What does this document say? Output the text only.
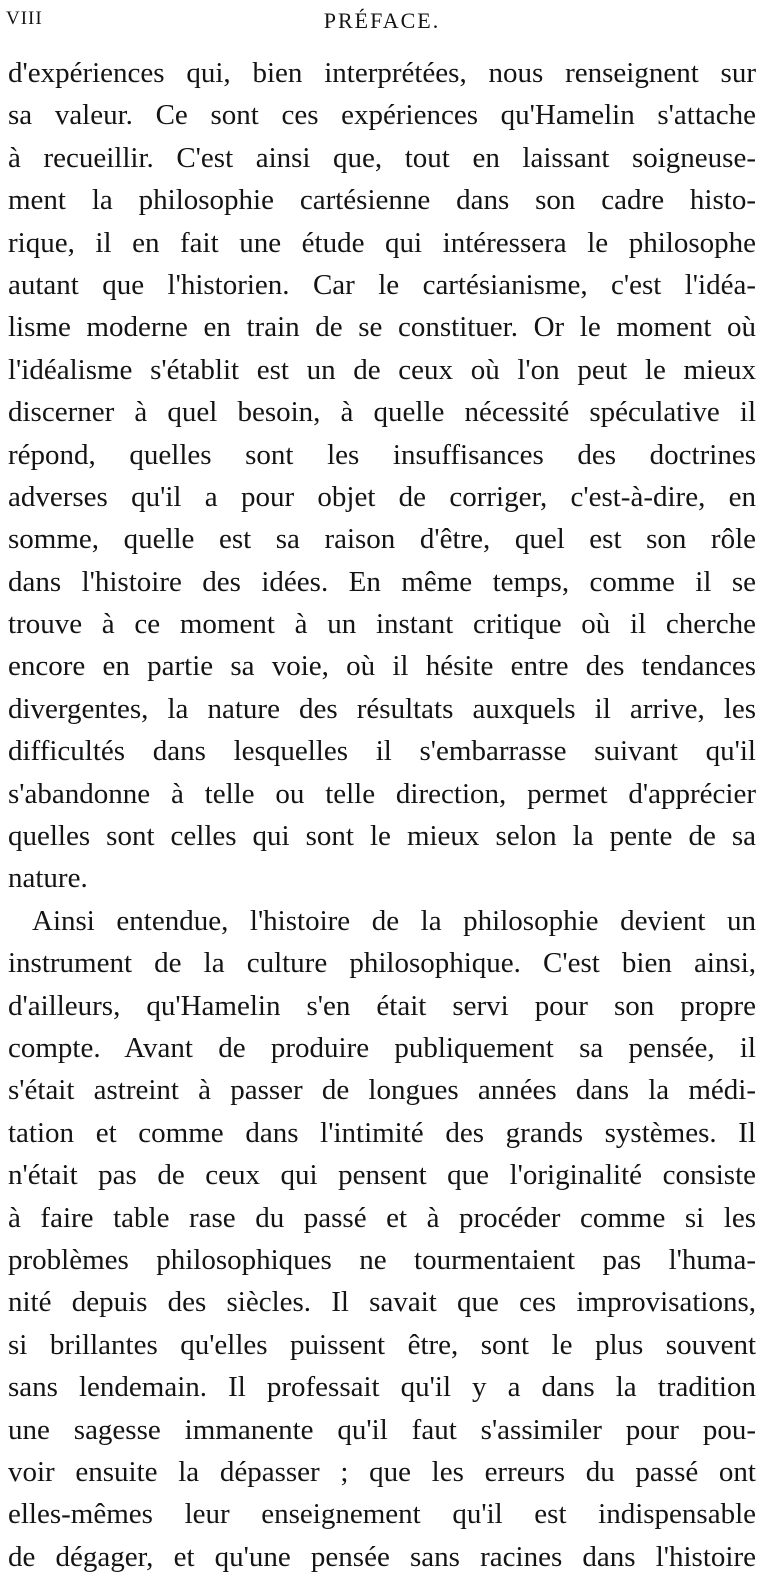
VIII	PRÉFACE.
d'expériences qui, bien interprétées, nous renseignent sur
sa valeur. Ce sont ces expériences qu'Hamelin s'attache
à recueillir. C'est ainsi que, tout en laissant soigneuse-
ment la philosophie cartésienne dans son cadre histo-
rique, il en fait une étude qui intéressera le philosophe
autant que l'historien. Car le cartésianisme, c'est l'idéa-
lisme moderne en train de se constituer. Or le moment où
l'idéalisme s'établit est un de ceux où l'on peut le mieux
discerner à quel besoin, à quelle nécessité spéculative il
répond, quelles sont les insuffisances des doctrines
adverses qu'il a pour objet de corriger, c'est-à-dire, en
somme, quelle est sa raison d'être, quel est son rôle
dans l'histoire des idées. En même temps, comme il se
trouve à ce moment à un instant critique où il cherche
encore en partie sa voie, où il hésite entre des tendances
divergentes, la nature des résultats auxquels il arrive, les
difficultés dans lesquelles il s'embarrasse suivant qu'il
s'abandonne à telle ou telle direction, permet d'apprécier
quelles sont celles qui sont le mieux selon la pente de sa
nature.
Ainsi entendue, l'histoire de la philosophie devient un
instrument de la culture philosophique. C'est bien ainsi,
d'ailleurs, qu'Hamelin s'en était servi pour son propre
compte. Avant de produire publiquement sa pensée, il
s'était astreint à passer de longues années dans la médi-
tation et comme dans l'intimité des grands systèmes. Il
n'était pas de ceux qui pensent que l'originalité consiste
à faire table rase du passé et à procéder comme si les
problèmes philosophiques ne tourmentaient pas l'huma-
nité depuis des siècles. Il savait que ces improvisations,
si brillantes qu'elles puissent être, sont le plus souvent
sans lendemain. Il professait qu'il y a dans la tradition
une sagesse immanente qu'il faut s'assimiler pour pou-
voir ensuite la dépasser ; que les erreurs du passé ont
elles-mêmes leur enseignement qu'il est indispensable
de dégager, et qu'une pensée sans racines dans l'histoire
